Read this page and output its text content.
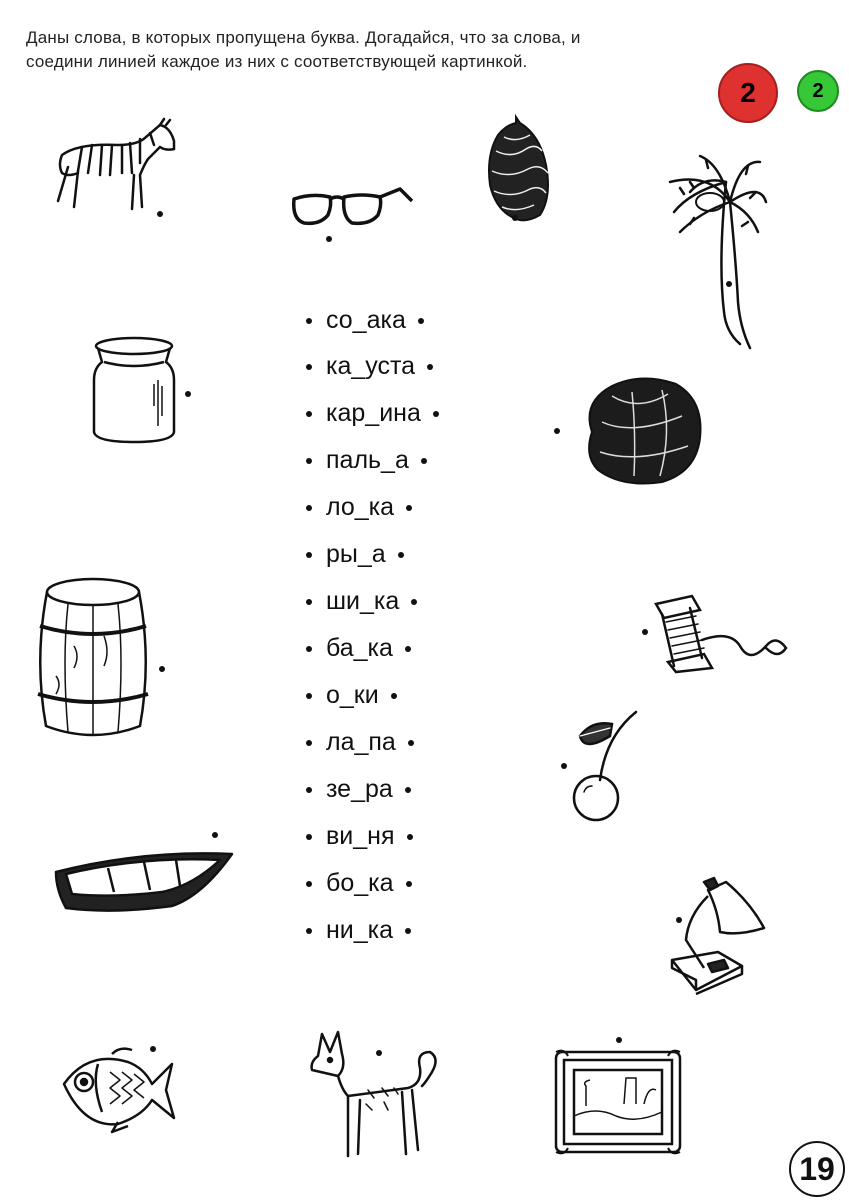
Даны слова, в которых пропущена буква. Догадайся, что за слова, и
соедини линией каждое из них с соответствующей картинкой.
2	2
со_ака
ка_уста
кар_ина
паль_а
ло_ка
ры_а
ши_ка
ба_ка
о_ки
ла_па
зе_ра
ви_ня
бо_ка
ни_ка
19
